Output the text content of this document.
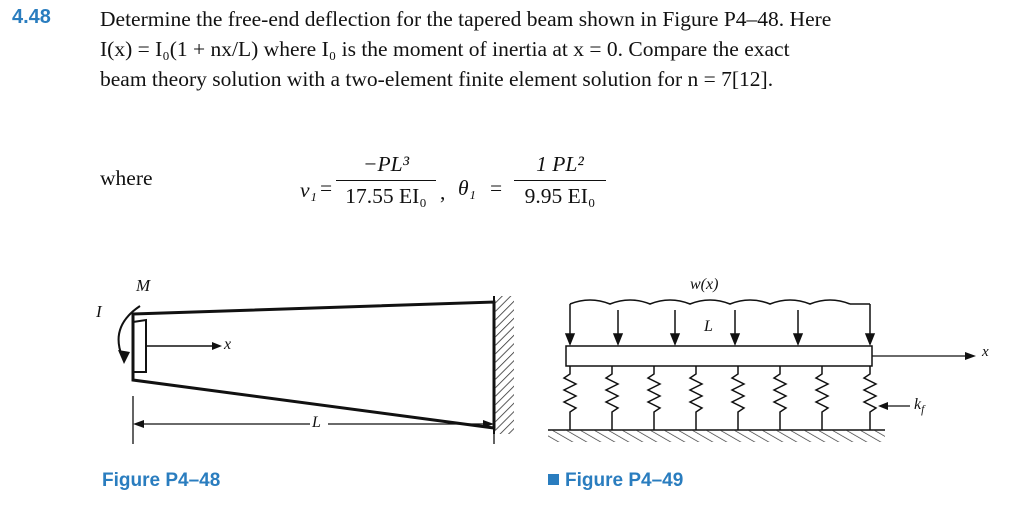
4.48 Determine the free-end deflection for the tapered beam shown in Figure P4–48. Here

I(x) = I₀(1 + nx/L) where I₀ is the moment of inertia at x = 0. Compare the exact

beam theory solution with a two-element finite element solution for n = 7[12].

where	v₁ =
−PL³
17.55 EI₀ , θ₁ =
1 PL²
9.95 EI₀
M
I
x
L
Figure P4–48
w(x)
L
x
$k_f$
Figure P4–49
